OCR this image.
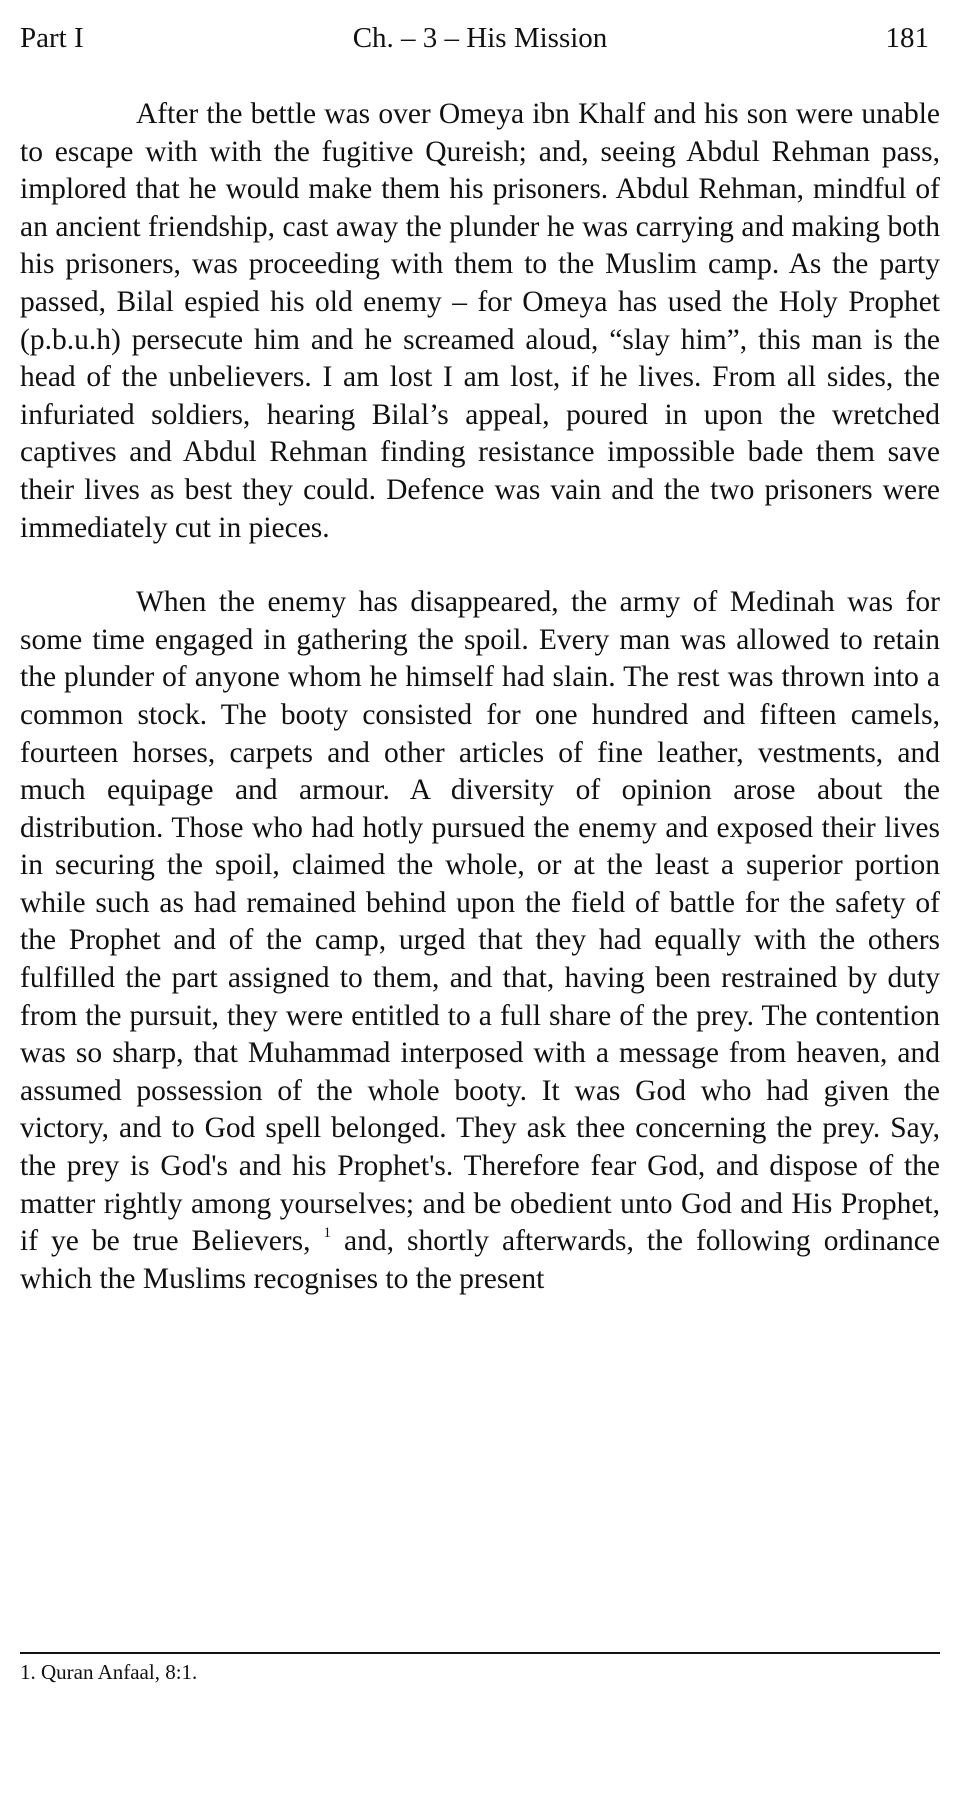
Ch. – 3 – His Mission
Part I	181

After the bettle was over Omeya ibn Khalf and his son were unable to escape with with the fugitive Qureish; and, seeing Abdul Rehman pass, implored that he would make them his prisoners. Abdul Rehman, mindful of an ancient friendship, cast away the plunder he was carrying and making both his prisoners, was proceeding with them to the Muslim camp. As the party passed, Bilal espied his old enemy – for Omeya has used the Holy Prophet (p.b.u.h) persecute him and he screamed aloud, “slay him”, this man is the head of the unbelievers. I am lost I am lost, if he lives. From all sides, the infuriated soldiers, hearing Bilal’s appeal, poured in upon the wretched captives and Abdul Rehman finding resistance impossible bade them save their lives as best they could. Defence was vain and the two prisoners were immediately cut in pieces.

When the enemy has disappeared, the army of Medinah was for some time engaged in gathering the spoil. Every man was allowed to retain the plunder of anyone whom he himself had slain. The rest was thrown into a common stock. The booty consisted for one hundred and fifteen camels, fourteen horses, carpets and other articles of fine leather, vestments, and much equipage and armour. A diversity of opinion arose about the distribution. Those who had hotly pursued the enemy and exposed their lives in securing the spoil, claimed the whole, or at the least a superior portion while such as had remained behind upon the field of battle for the safety of the Prophet and of the camp, urged that they had equally with the others fulfilled the part assigned to them, and that, having been restrained by duty from the pursuit, they were entitled to a full share of the prey. The contention was so sharp, that Muhammad interposed with a message from heaven, and assumed possession of the whole booty. It was God who had given the victory, and to God spell belonged. They ask thee concerning the prey. Say, the prey is God's and his Prophet's. Therefore fear God, and dispose of the matter rightly among yourselves; and be obedient unto God and His Prophet, if ye be true Believers, $^1$ and, shortly afterwards, the following ordinance which the Muslims recognises to the present

1. Quran Anfaal, 8:1.
